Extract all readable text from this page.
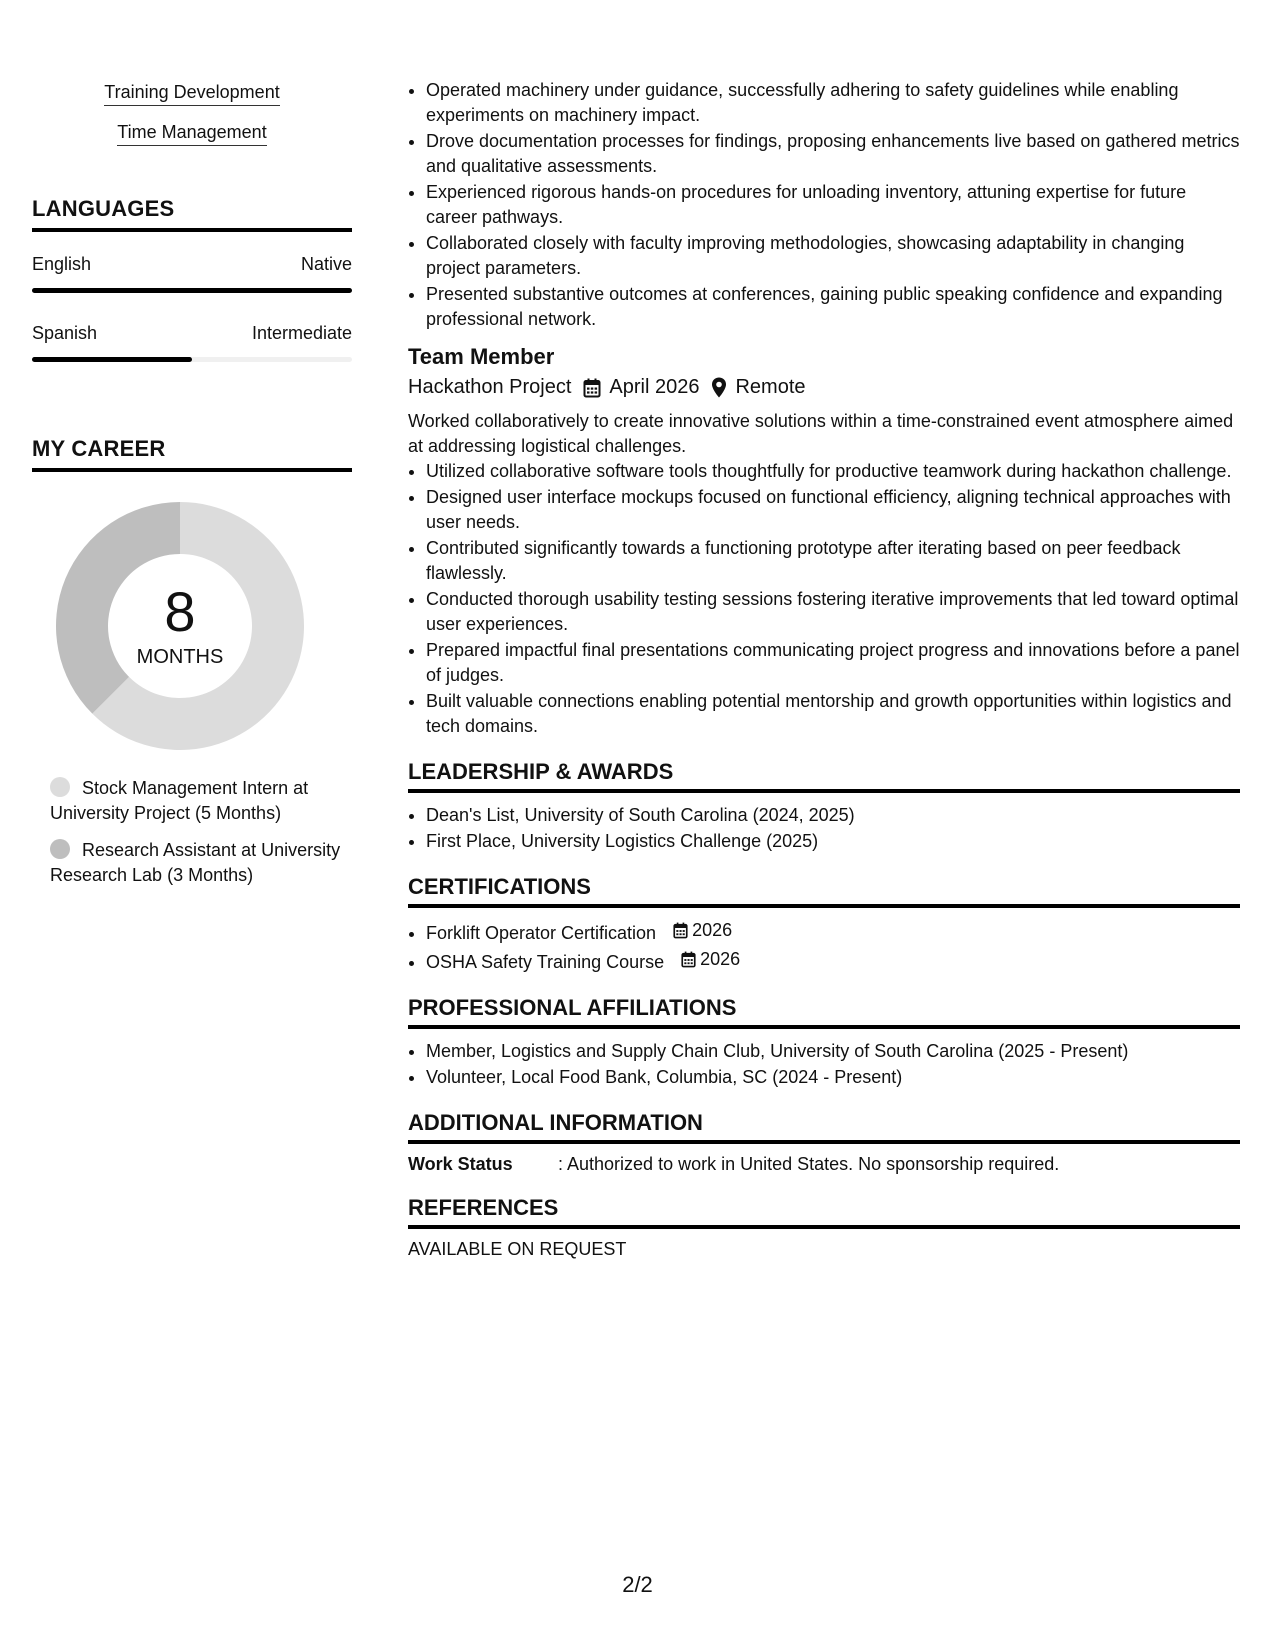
Training Development
Time Management
LANGUAGES
English	Native
Spanish	Intermediate
MY CAREER
8
MONTHS
Stock Management Intern at University Project (5 Months)
Research Assistant at University Research Lab (3 Months)
• Operated machinery under guidance, successfully adhering to safety guidelines while enabling experiments on machinery impact.
• Drove documentation processes for findings, proposing enhancements live based on gathered metrics and qualitative assessments.
• Experienced rigorous hands-on procedures for unloading inventory, attuning expertise for future career pathways.
• Collaborated closely with faculty improving methodologies, showcasing adaptability in changing project parameters.
• Presented substantive outcomes at conferences, gaining public speaking confidence and expanding professional network.
Team Member
Hackathon Project April 2026 Remote
Worked collaboratively to create innovative solutions within a time-constrained event atmosphere aimed at addressing logistical challenges.
• Utilized collaborative software tools thoughtfully for productive teamwork during hackathon challenge.
• Designed user interface mockups focused on functional efficiency, aligning technical approaches with user needs.
• Contributed significantly towards a functioning prototype after iterating based on peer feedback flawlessly.
• Conducted thorough usability testing sessions fostering iterative improvements that led toward optimal user experiences.
• Prepared impactful final presentations communicating project progress and innovations before a panel of judges.
• Built valuable connections enabling potential mentorship and growth opportunities within logistics and tech domains.
LEADERSHIP & AWARDS
• Dean's List, University of South Carolina (2024, 2025)
• First Place, University Logistics Challenge (2025)
CERTIFICATIONS
• Forklift Operator Certification 2026
• OSHA Safety Training Course 2026
PROFESSIONAL AFFILIATIONS
• Member, Logistics and Supply Chain Club, University of South Carolina (2025 - Present)
• Volunteer, Local Food Bank, Columbia, SC (2024 - Present)
ADDITIONAL INFORMATION
Work Status	: Authorized to work in United States. No sponsorship required.
REFERENCES
AVAILABLE ON REQUEST
2/2
